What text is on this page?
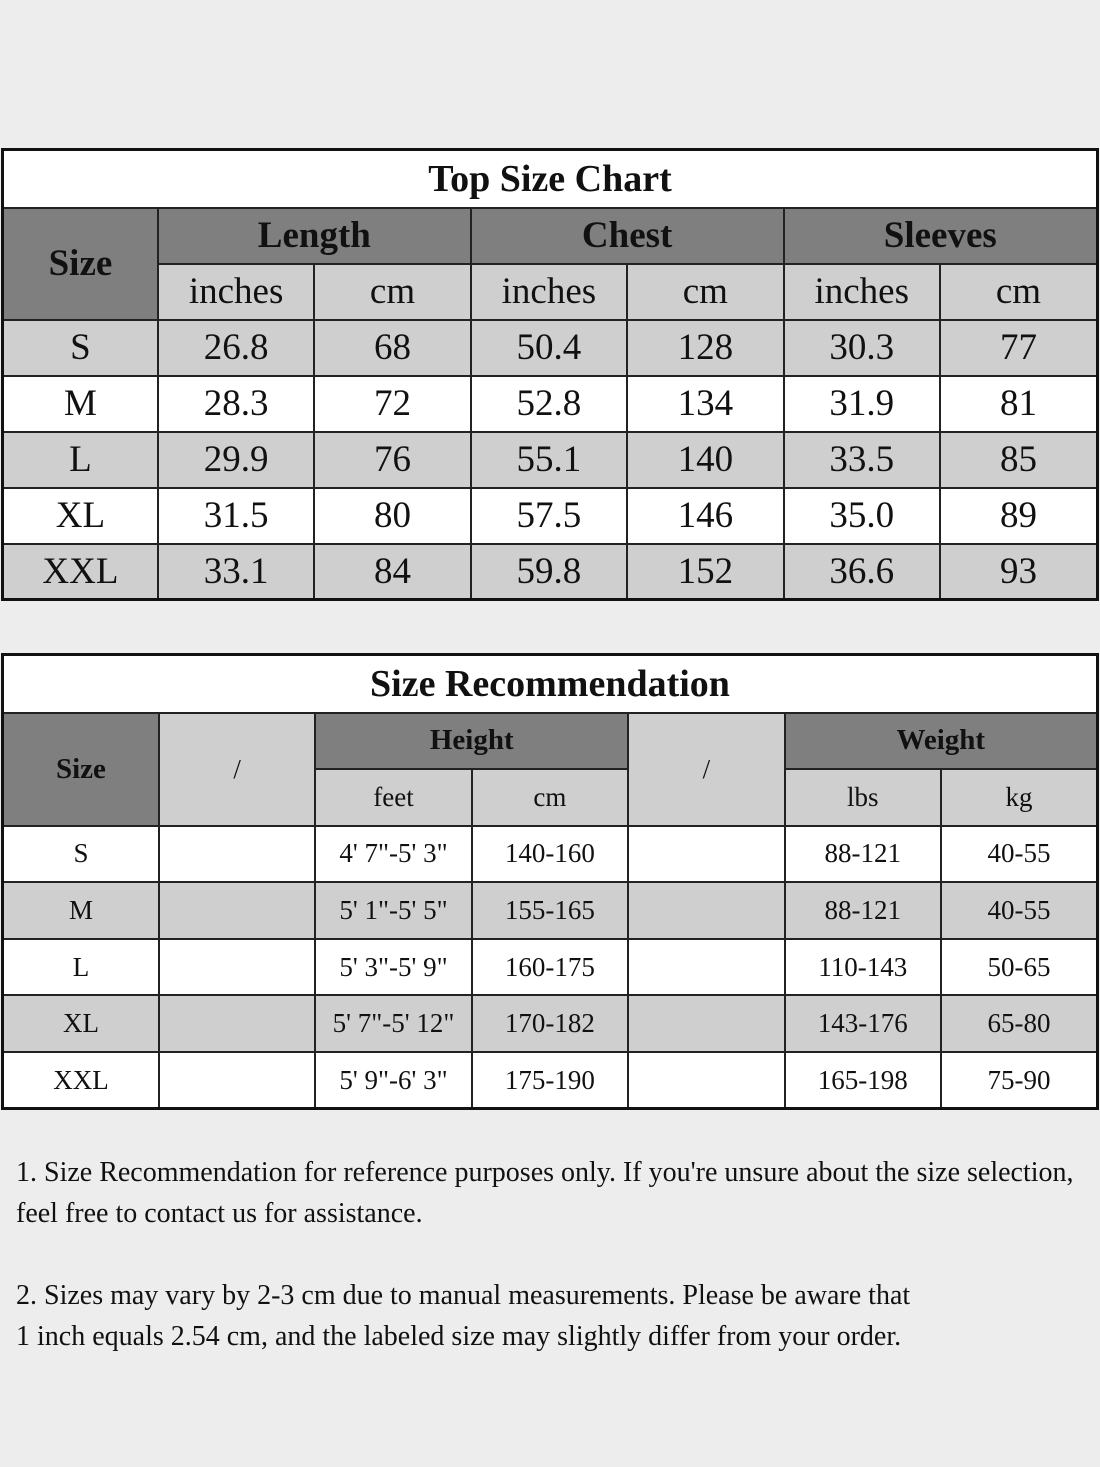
Top Size Chart						
Size	Length		Chest		Sleeves	
	inches	cm	inches	cm	inches	cm
S	26.8	68	50.4	128	30.3	77
M	28.3	72	52.8	134	31.9	81
L	29.9	76	55.1	140	33.5	85
XL	31.5	80	57.5	146	35.0	89
XXL	33.1	84	59.8	152	36.6	93
Size Recommendation						
Size	/	Height		/	Weight	
		feet	cm		lbs	kg
S		4' 7"-5' 3"	140-160		88-121	40-55
M		5' 1"-5' 5"	155-165		88-121	40-55
L		5' 3"-5' 9"	160-175		110-143	50-65
XL		5' 7"-5' 12"	170-182		143-176	65-80
XXL		5' 9"-6' 3"	175-190		165-198	75-90

1. Size Recommendation for reference purposes only. If you're unsure about the size selection, feel free to contact us for assistance.

2. Sizes may vary by 2-3 cm due to manual measurements. Please be aware that
1 inch equals 2.54 cm, and the labeled size may slightly differ from your order.
